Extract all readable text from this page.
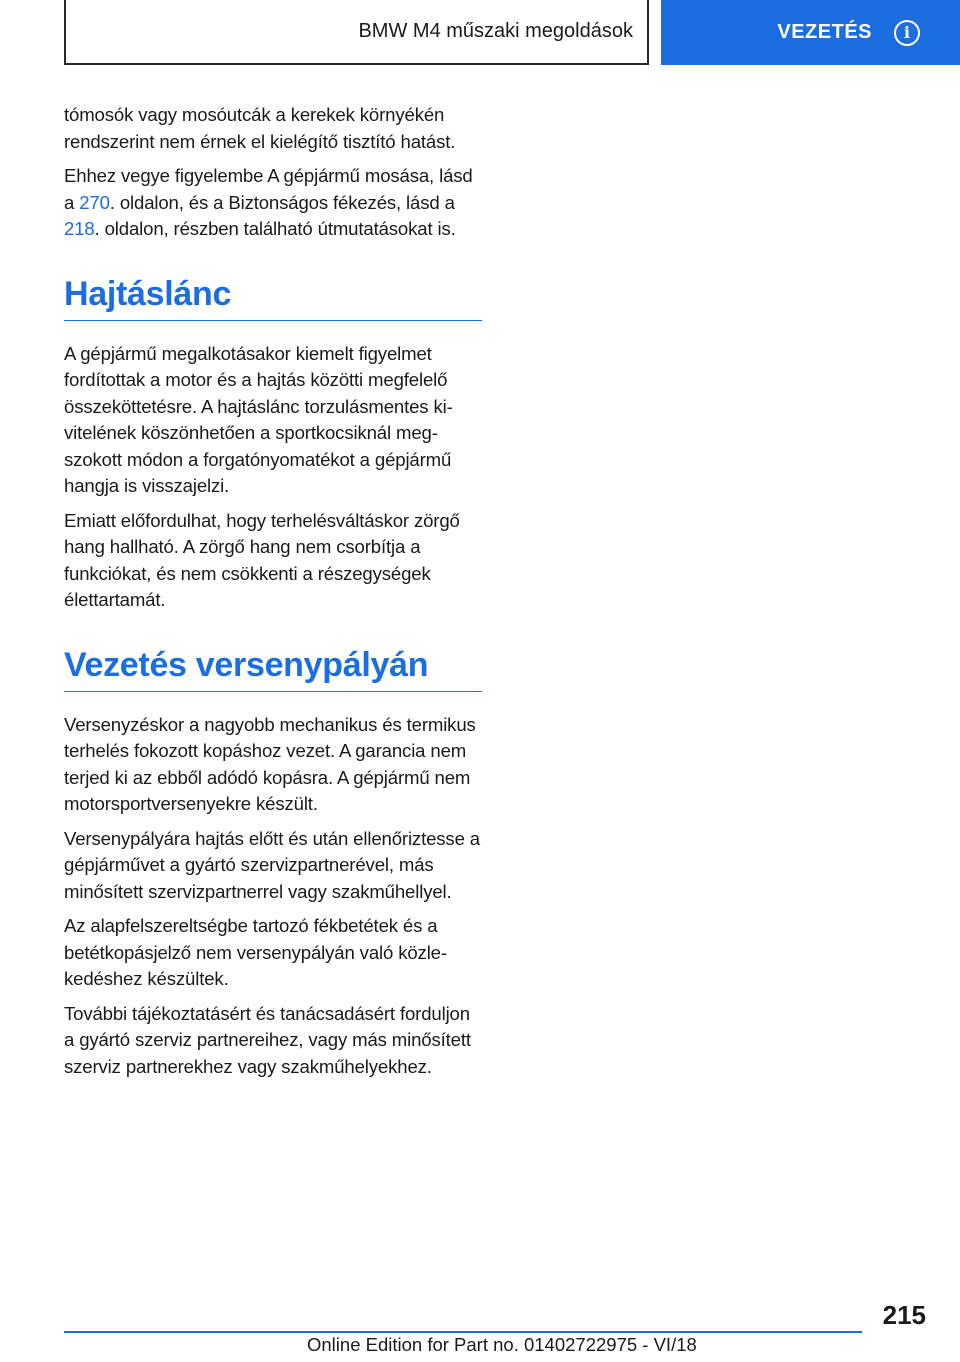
BMW M4 műszaki megoldások	VEZETÉS	i

tómosók vagy mosóutcák a kerekek környékén rendszerint nem érnek el kielégítő tisztító hatást.

Ehhez vegye figyelembe A gépjármű mosása, lásd a 270. oldalon, és a Biztonságos fékezés, lásd a 218. oldalon, részben található útmutatásokat is.

Hajtáslánc

A gépjármű megalkotásakor kiemelt figyelmet fordítottak a motor és a hajtás közötti megfelelő összeköttetésre. A hajtáslánc torzulásmentes kivitelének köszönhetően a sportkocsiknál megszokott módon a forgatónyomatékot a gépjármű hangja is visszajelzi.

Emiatt előfordulhat, hogy terhelésváltáskor zörgő hang hallható. A zörgő hang nem csorbítja a funkciókat, és nem csökkenti a részegységek élettartamát.

Vezetés versenypályán

Versenyzéskor a nagyobb mechanikus és termikus terhelés fokozott kopáshoz vezet. A garancia nem terjed ki az ebből adódó kopásra. A gépjármű nem motorsportversenyekre készült.

Versenypályára hajtás előtt és után ellenőriztesse a gépjárművet a gyártó szervizpartnerével, más minősített szervizpartnerrel vagy szakműhellyel.

Az alapfelszereltségbe tartozó fékbetétek és a betétkopásjelző nem versenypályán való közlekedéshez készültek.

További tájékoztatásért és tanácsadásért forduljon a gyártó szerviz partnereihez, vagy más minősített szerviz partnerekhez vagy szakműhelyekhez.

215
Online Edition for Part no. 01402722975 - VI/18
